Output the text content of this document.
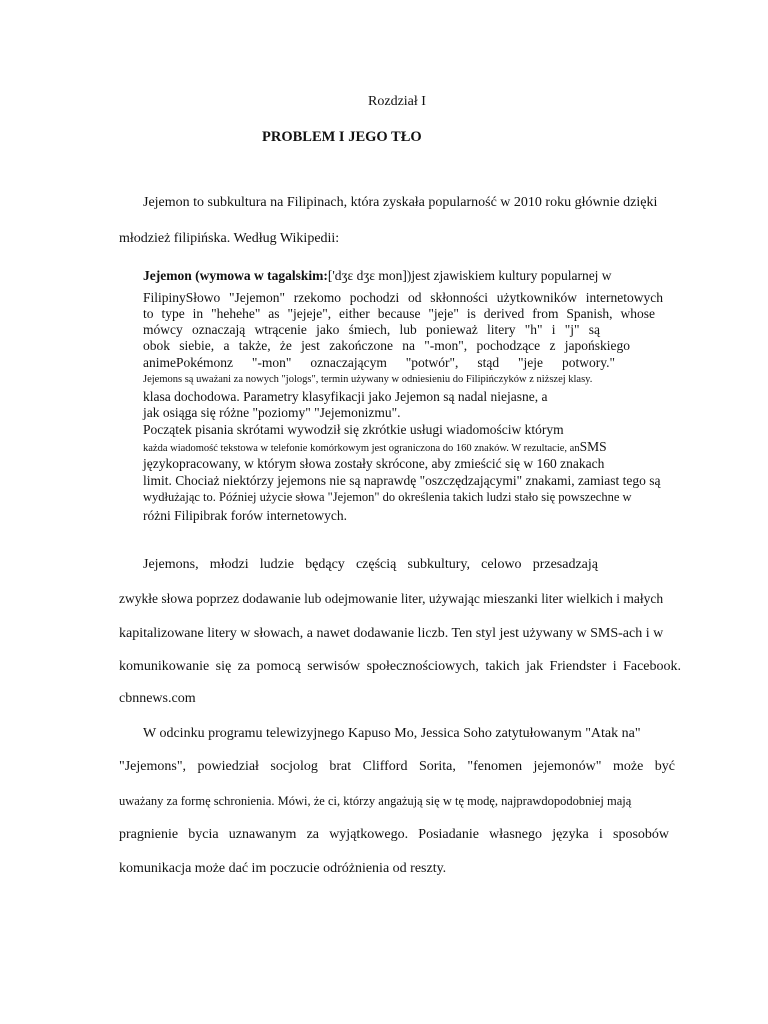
Rozdział I
PROBLEM I JEGO TŁO
Jejemon to subkultura na Filipinach, która zyskała popularność w 2010 roku głównie dzięki
młodzież filipińska. Według Wikipedii:
Jejemon (wymowa w tagalskim:['dʒɛ dʒɛ mon])jest zjawiskiem kultury popularnej w
FilipinySłowo "Jejemon" rzekomo pochodzi od skłonności użytkowników internetowych
to type in "hehehe" as "jejeje", either because "jeje" is derived from Spanish, whose
mówcy oznaczają wtrącenie jako śmiech, lub ponieważ litery "h" i "j" są
obok siebie, a także, że jest zakończone na "-mon", pochodzące z japońskiego
animePokémonz "-mon" oznaczającym "potwór", stąd "jeje potwory."
Jejemons są uważani za nowych "jologs", termin używany w odniesieniu do Filipińczyków z niższej klasy.
klasa dochodowa. Parametry klasyfikacji jako Jejemon są nadal niejasne, a
jak osiąga się różne "poziomy" "Jejemonizmu".
Początek pisania skrótami wywodził się zkrótkie usługi wiadomościw którym
każda wiadomość tekstowa w telefonie komórkowym jest ograniczona do 160 znaków. W rezultacie, anSMS
językopracowany, w którym słowa zostały skrócone, aby zmieścić się w 160 znakach
limit. Chociaż niektórzy jejemons nie są naprawdę "oszczędzającymi" znakami, zamiast tego są
wydłużając to. Później użycie słowa "Jejemon" do określenia takich ludzi stało się powszechne w
różni Filipibrak forów internetowych.
Jejemons, młodzi ludzie będący częścią subkultury, celowo przesadzają
zwykłe słowa poprzez dodawanie lub odejmowanie liter, używając mieszanki liter wielkich i małych
kapitalizowane litery w słowach, a nawet dodawanie liczb. Ten styl jest używany w SMS-ach i w
komunikowanie się za pomocą serwisów społecznościowych, takich jak Friendster i Facebook.
cbnnews.com
W odcinku programu telewizyjnego Kapuso Mo, Jessica Soho zatytułowanym "Atak na"
"Jejemons", powiedział socjolog brat Clifford Sorita, "fenomen jejemonów" może być
uważany za formę schronienia. Mówi, że ci, którzy angażują się w tę modę, najprawdopodobniej mają
pragnienie bycia uznawanym za wyjątkowego. Posiadanie własnego języka i sposobów
komunikacja może dać im poczucie odróżnienia od reszty.
